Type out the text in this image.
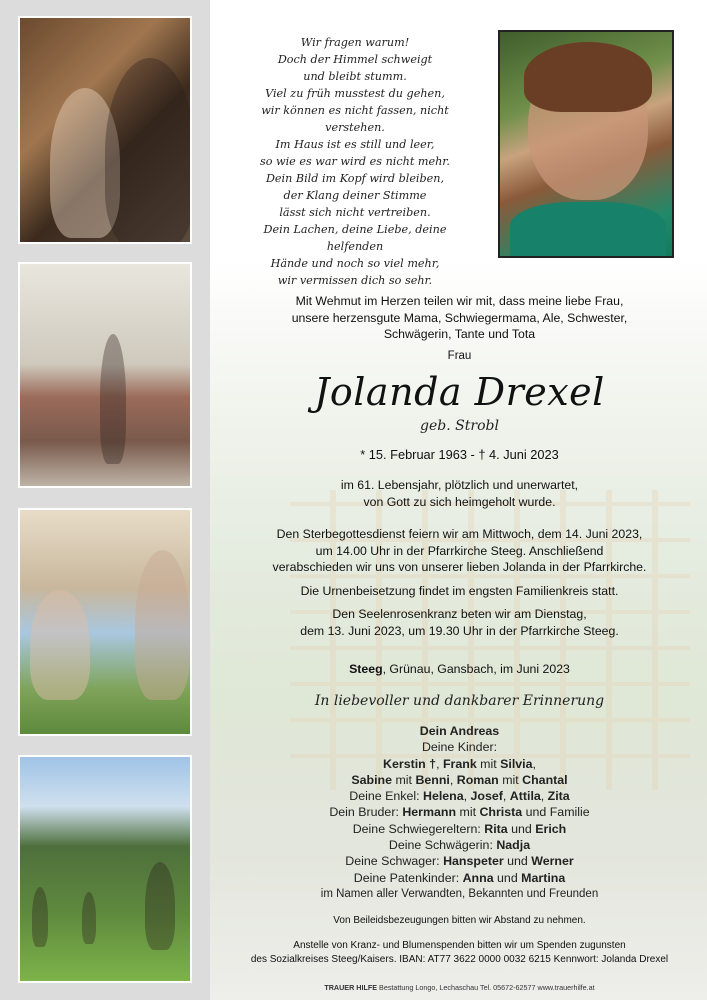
Wir fragen warum!
Doch der Himmel schweigt
und bleibt stumm.
Viel zu früh musstest du gehen,
wir können es nicht fassen, nicht verstehen.
Im Haus ist es still und leer,
so wie es war wird es nicht mehr.
Dein Bild im Kopf wird bleiben,
der Klang deiner Stimme
lässt sich nicht vertreiben.
Dein Lachen, deine Liebe, deine helfenden
Hände und noch so viel mehr,
wir vermissen dich so sehr.
Mit Wehmut im Herzen teilen wir mit, dass meine liebe Frau,
unsere herzensgute Mama, Schwiegermama, Ale, Schwester,
Schwägerin, Tante und Tota
Frau
Jolanda Drexel
geb. Strobl
* 15. Februar 1963 - † 4. Juni 2023
im 61. Lebensjahr, plötzlich und unerwartet,
von Gott zu sich heimgeholt wurde.
Den Sterbegottesdienst feiern wir am Mittwoch, dem 14. Juni 2023,
um 14.00 Uhr in der Pfarrkirche Steeg. Anschließend
verabschieden wir uns von unserer lieben Jolanda in der Pfarrkirche.
Die Urnenbeisetzung findet im engsten Familienkreis statt.
Den Seelenrosenkranz beten wir am Dienstag,
dem 13. Juni 2023, um 19.30 Uhr in der Pfarrkirche Steeg.
Steeg, Grünau, Gansbach, im Juni 2023
In liebevoller und dankbarer Erinnerung
Dein Andreas
Deine Kinder:
Kerstin †, Frank mit Silvia,
Sabine mit Benni, Roman mit Chantal
Deine Enkel: Helena, Josef, Attila, Zita
Dein Bruder: Hermann mit Christa und Familie
Deine Schwiegereltern: Rita und Erich
Deine Schwägerin: Nadja
Deine Schwager: Hanspeter und Werner
Deine Patenkinder: Anna und Martina
im Namen aller Verwandten, Bekannten und Freunden
Von Beileidsbezeugungen bitten wir Abstand zu nehmen.
Anstelle von Kranz- und Blumenspenden bitten wir um Spenden zugunsten
des Sozialkreises Steeg/Kaisers. IBAN: AT77 3622 0000 0032 6215 Kennwort: Jolanda Drexel
TRAUER HILFE Bestattung Longo, Lechaschau Tel. 05672-62577 www.trauerhilfe.at
